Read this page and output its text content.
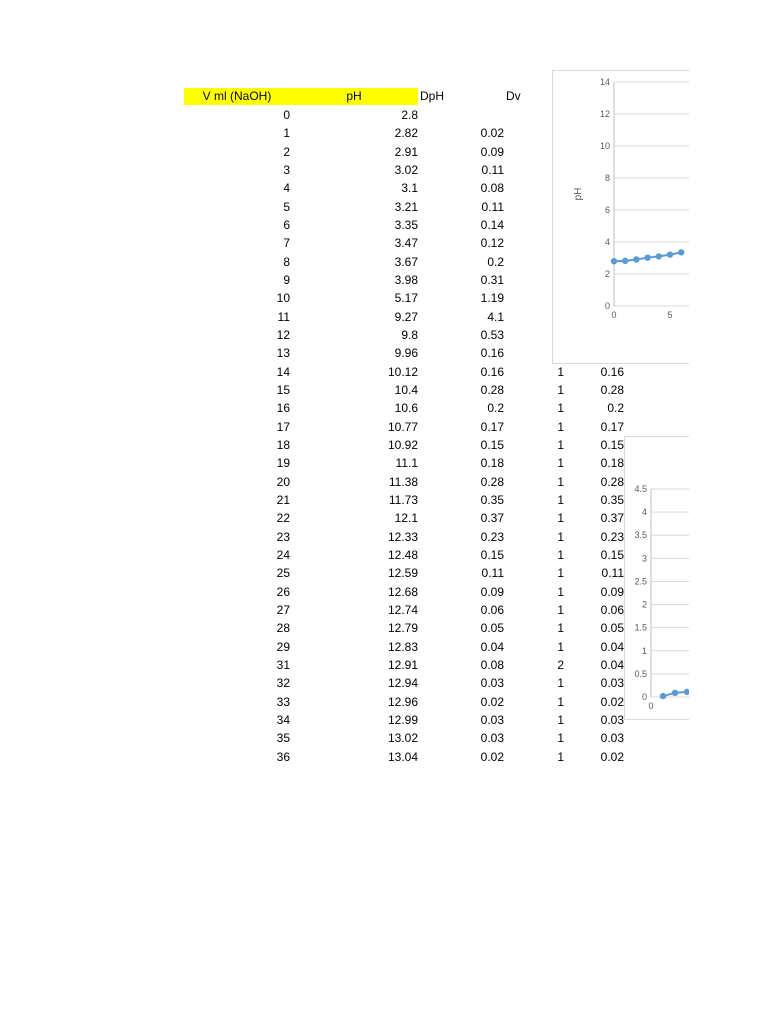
V ml (NaOH)	pH	DpH	Dv
0	2.8
1	2.82	0.02
2	2.91	0.09
3	3.02	0.11
4	3.1	0.08
5	3.21	0.11
6	3.35	0.14
7	3.47	0.12
8	3.67	0.2
9	3.98	0.31
10	5.17	1.19
11	9.27	4.1
12	9.8	0.53
13	9.96	0.16
14	10.12	0.16	1	0.16
15	10.4	0.28	1	0.28
16	10.6	0.2	1	0.2
17	10.77	0.17	1	0.17
18	10.92	0.15	1	0.15
19	11.1	0.18	1	0.18
20	11.38	0.28	1	0.28
21	11.73	0.35	1	0.35
22	12.1	0.37	1	0.37
23	12.33	0.23	1	0.23
24	12.48	0.15	1	0.15
25	12.59	0.11	1	0.11
26	12.68	0.09	1	0.09
27	12.74	0.06	1	0.06
28	12.79	0.05	1	0.05
29	12.83	0.04	1	0.04
31	12.91	0.08	2	0.04
32	12.94	0.03	1	0.03
33	12.96	0.02	1	0.02
34	12.99	0.03	1	0.03
35	13.02	0.03	1	0.03
36	13.04	0.02	1	0.02
0
2
4
6
8
10
12
14
0	5
pH
0
0.5
1
1.5
2
2.5
3
3.5
4
4.5
0
